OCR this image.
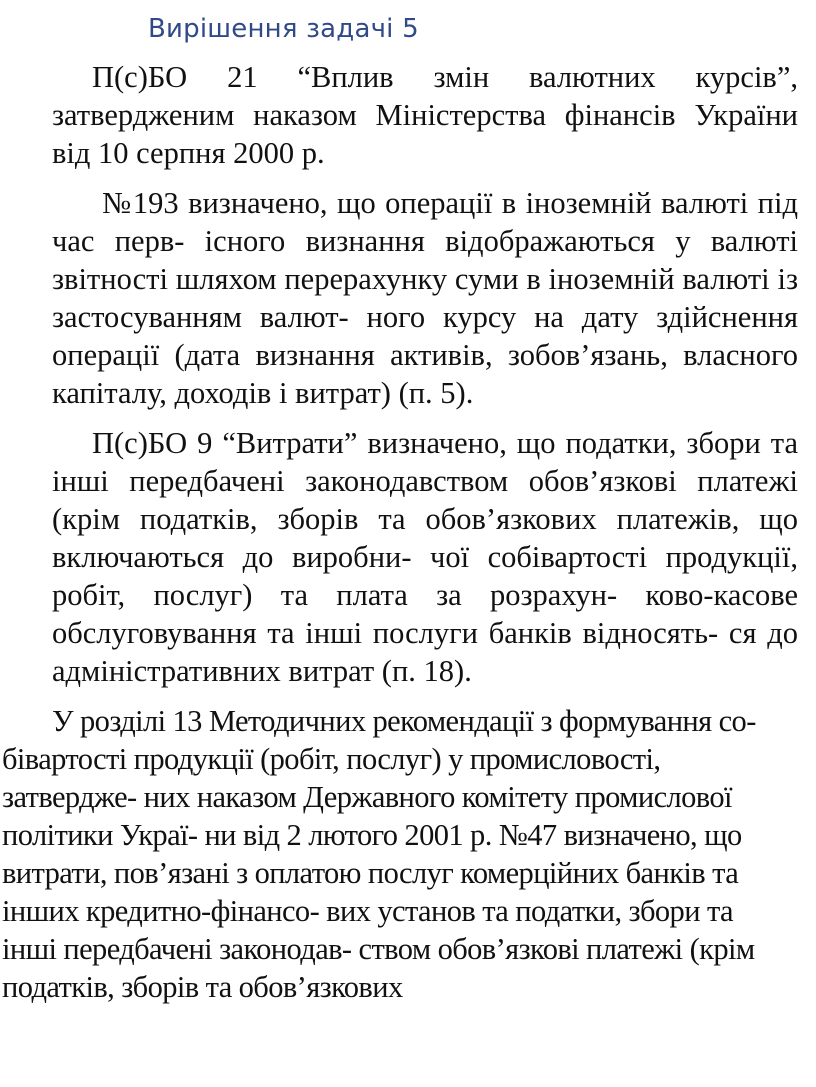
Вирішення задачі 5

П(с)БО 21 “Вплив змін валютних курсів”, затвердженим наказом Міністерства фінансів України від 10 серпня 2000 р.

№193 визначено, що операції в іноземній валюті під час перв- існого визнання відображаються у валюті звітності шляхом перерахунку суми в іноземній валюті із застосуванням валют- ного курсу на дату здійснення операції (дата визнання активів, зобов’язань, власного капіталу, доходів і витрат) (п. 5).

П(с)БО 9 “Витрати” визначено, що податки, збори та інші передбачені законодавством обов’язкові платежі (крім податків, зборів та обов’язкових платежів, що включаються до виробни- чої собівартості продукції, робіт, послуг) та плата за розрахун- ково-касове обслуговування та інші послуги банків відносять- ся до адміністративних витрат (п. 18).

У розділі 13 Методичних рекомендації з формування со- бівартості продукції (робіт, послуг) у промисловості, затвердже- них наказом Державного комітету промислової політики Украї- ни від 2 лютого 2001 р. №47 визначено, що витрати, пов’язані з оплатою послуг комерційних банків та інших кредитно-фінансо- вих установ та податки, збори та інші передбачені законодав- ством обов’язкові платежі (крім податків, зборів та обов’язкових
